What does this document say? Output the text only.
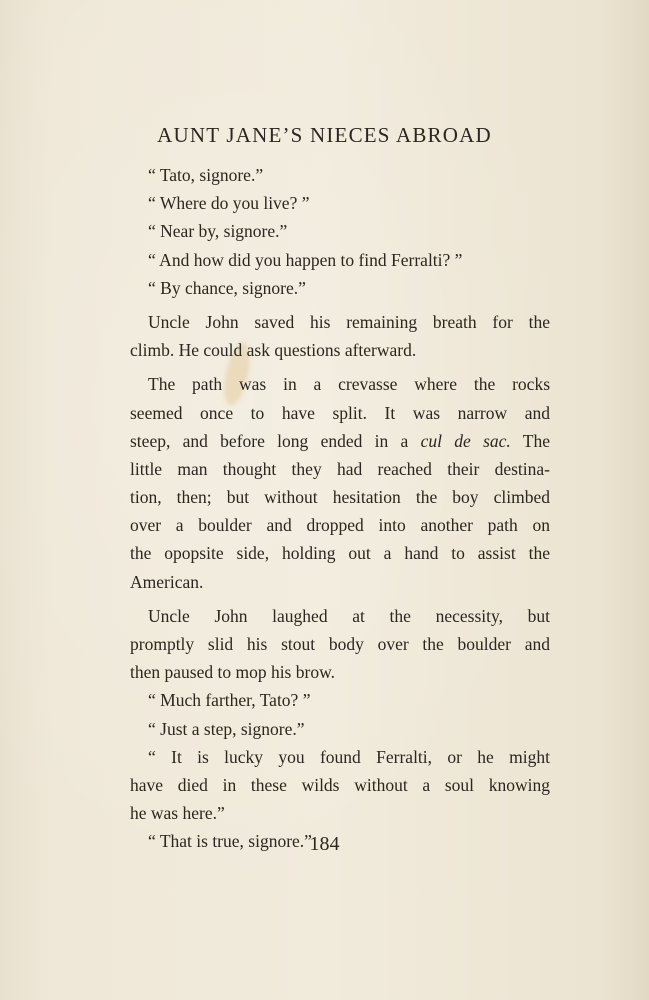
AUNT JANE’S NIECES ABROAD
“ Tato, signore.”
“ Where do you live? ”
“ Near by, signore.”
“ And how did you happen to find Ferralti? ”
“ By chance, signore.”
Uncle John saved his remaining breath for the
climb. He could ask questions afterward.
The path was in a crevasse where the rocks
seemed once to have split. It was narrow and
steep, and before long ended in a cul de sac. The
little man thought they had reached their destina-
tion, then; but without hesitation the boy climbed
over a boulder and dropped into another path on
the opopsite side, holding out a hand to assist the
American.
Uncle John laughed at the necessity, but
promptly slid his stout body over the boulder and
then paused to mop his brow.
“ Much farther, Tato? ”
“ Just a step, signore.”
“ It is lucky you found Ferralti, or he might
have died in these wilds without a soul knowing
he was here.”
“ That is true, signore.”
184
